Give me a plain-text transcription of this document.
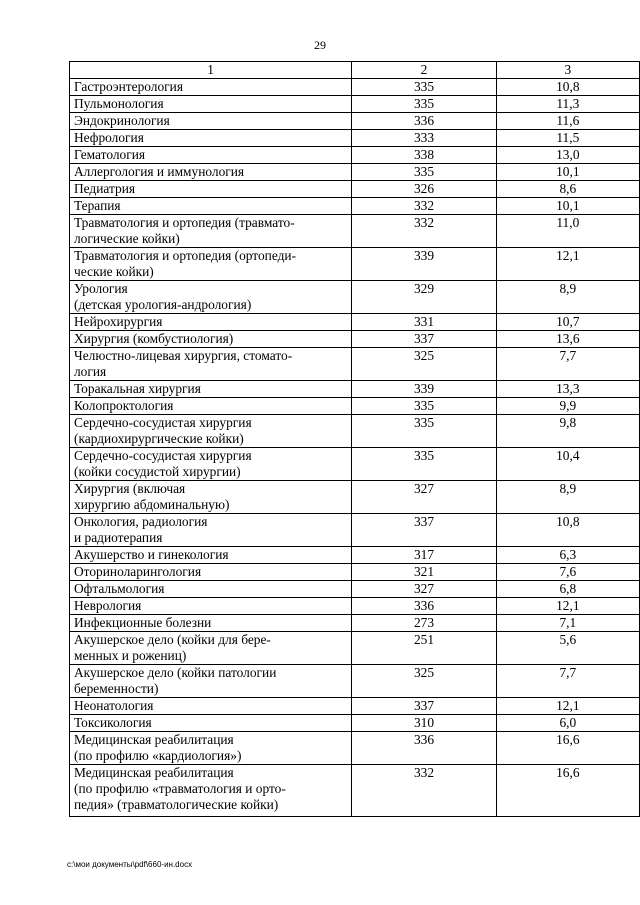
29
1	2	3
Гастроэнтерология	335	10,8
Пульмонология	335	11,3
Эндокринология	336	11,6
Нефрология	333	11,5
Гематология	338	13,0
Аллергология и иммунология	335	10,1
Педиатрия	326	8,6
Терапия	332	10,1
Травматология и ортопедия (травмато-
логические койки)	332	11,0
Травматология и ортопедия (ортопеди-
ческие койки)	339	12,1
Урология
(детская урология-андрология)	329	8,9
Нейрохирургия	331	10,7
Хирургия (комбустиология)	337	13,6
Челюстно-лицевая хирургия, стомато-
логия	325	7,7
Торакальная хирургия	339	13,3
Колопроктология	335	9,9
Сердечно-сосудистая хирургия
(кардиохирургические койки)	335	9,8
Сердечно-сосудистая хирургия
(койки сосудистой хирургии)	335	10,4
Хирургия (включая
хирургию абдоминальную)	327	8,9
Онкология, радиология
и радиотерапия	337	10,8
Акушерство и гинекология	317	6,3
Оториноларингология	321	7,6
Офтальмология	327	6,8
Неврология	336	12,1
Инфекционные болезни	273	7,1
Акушерское дело (койки для бере-
менных и рожениц)	251	5,6
Акушерское дело (койки патологии
беременности)	325	7,7
Неонатология	337	12,1
Токсикология	310	6,0
Медицинская реабилитация
(по профилю «кардиология»)	336	16,6
Медицинская реабилитация
(по профилю «травматология и орто-
педия» (травматологические койки)	332	16,6
c:\мои документы\pdf\660-ин.docx
